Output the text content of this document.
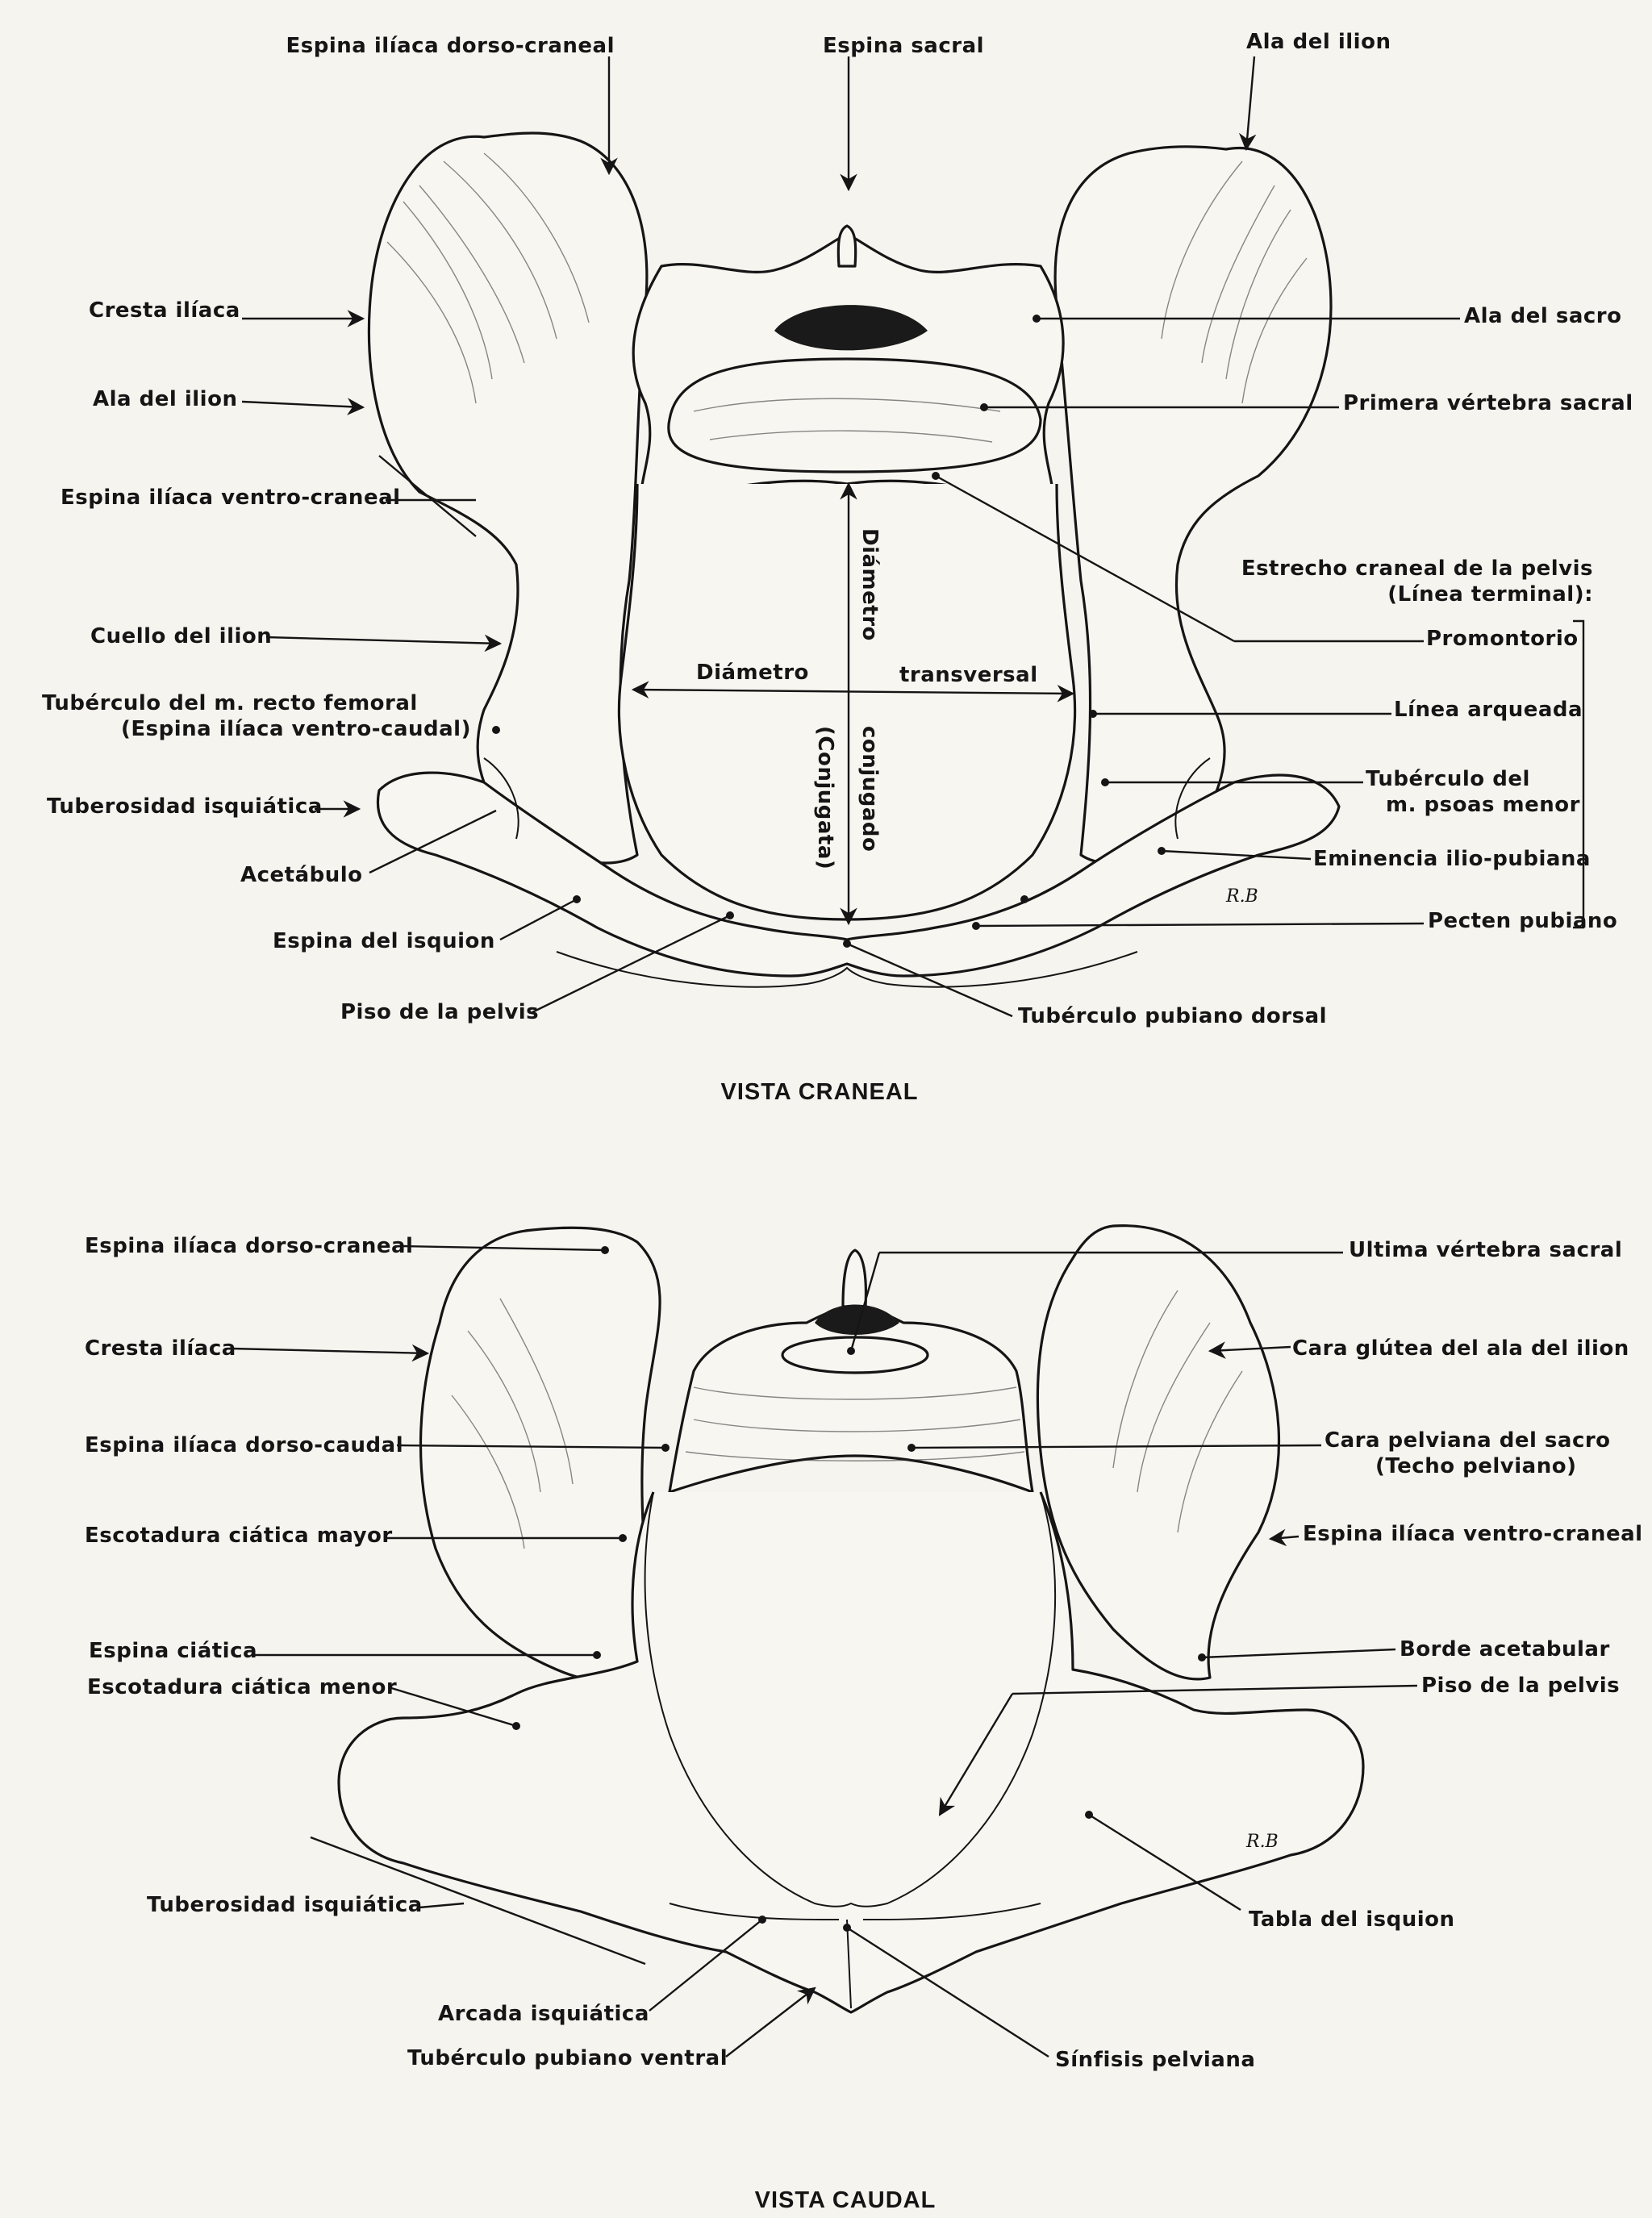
Espina ilíaca dorso-craneal	Espina sacral	Ala del ilion
Cresta ilíaca	Ala del sacro
Ala del ilion	Primera vértebra sacral
Espina ilíaca ventro-craneal
Estrecho craneal de la pelvis
(Línea terminal):
Cuello del ilion	Promontorio
Diámetro
conjugado
(Conjugata)
Diámetro	transversal
Tubérculo del m. recto femoral
(Espina ilíaca ventro-caudal)
Línea arqueada
Tuberosidad isquiática
Tubérculo del
m. psoas menor
Acetábulo
Eminencia ilio-pubiana
Espina del isquion
Pecten pubiano
Piso de la pelvis	Tubérculo pubiano dorsal
R.B
VISTA CRANEAL
Espina ilíaca dorso-craneal	Ultima vértebra sacral
Cresta ilíaca	Cara glútea del ala del ilion
Espina ilíaca dorso-caudal	Cara pelviana del sacro
(Techo pelviano)
Escotadura ciática mayor	Espina ilíaca ventro-craneal
Espina ciática	Borde acetabular
Escotadura ciática menor	Piso de la pelvis
Tuberosidad isquiática
Tabla del isquion
Arcada isquiática
Tubérculo pubiano ventral	Sínfisis pelviana
R.B
VISTA CAUDAL
